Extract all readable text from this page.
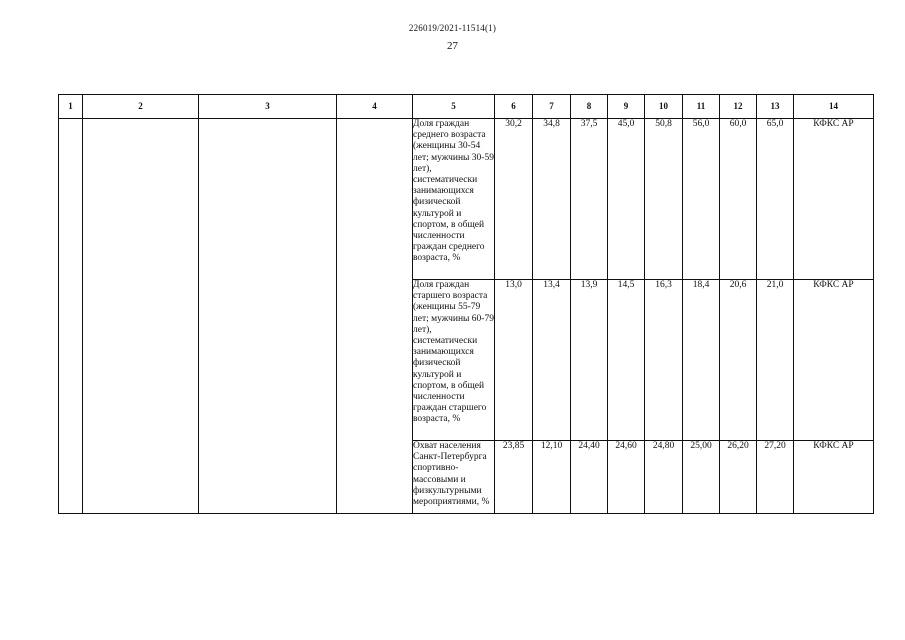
226019/2021-11514(1)
27
1	2	3	4	5	6	7	8	9	10	11	12	13	14
				Доля граждан среднего возраста (женщины 30-54 лет; мужчины 30-59 лет), систематически занимающихся физической культурой и спортом, в общей численности граждан среднего возраста, %	30,2	34,8	37,5	45,0	50,8	56,0	60,0	65,0	КФКС АР
				Доля граждан старшего возраста (женщины 55-79 лет; мужчины 60-79 лет), систематически занимающихся физической культурой и спортом, в общей численности граждан старшего возраста, %	13,0	13,4	13,9	14,5	16,3	18,4	20,6	21,0	КФКС АР
				Охват населения Санкт-Петербурга спортивно-массовыми и физкультурными мероприятиями, %	23,85	12,10	24,40	24,60	24,80	25,00	26,20	27,20	КФКС АР
